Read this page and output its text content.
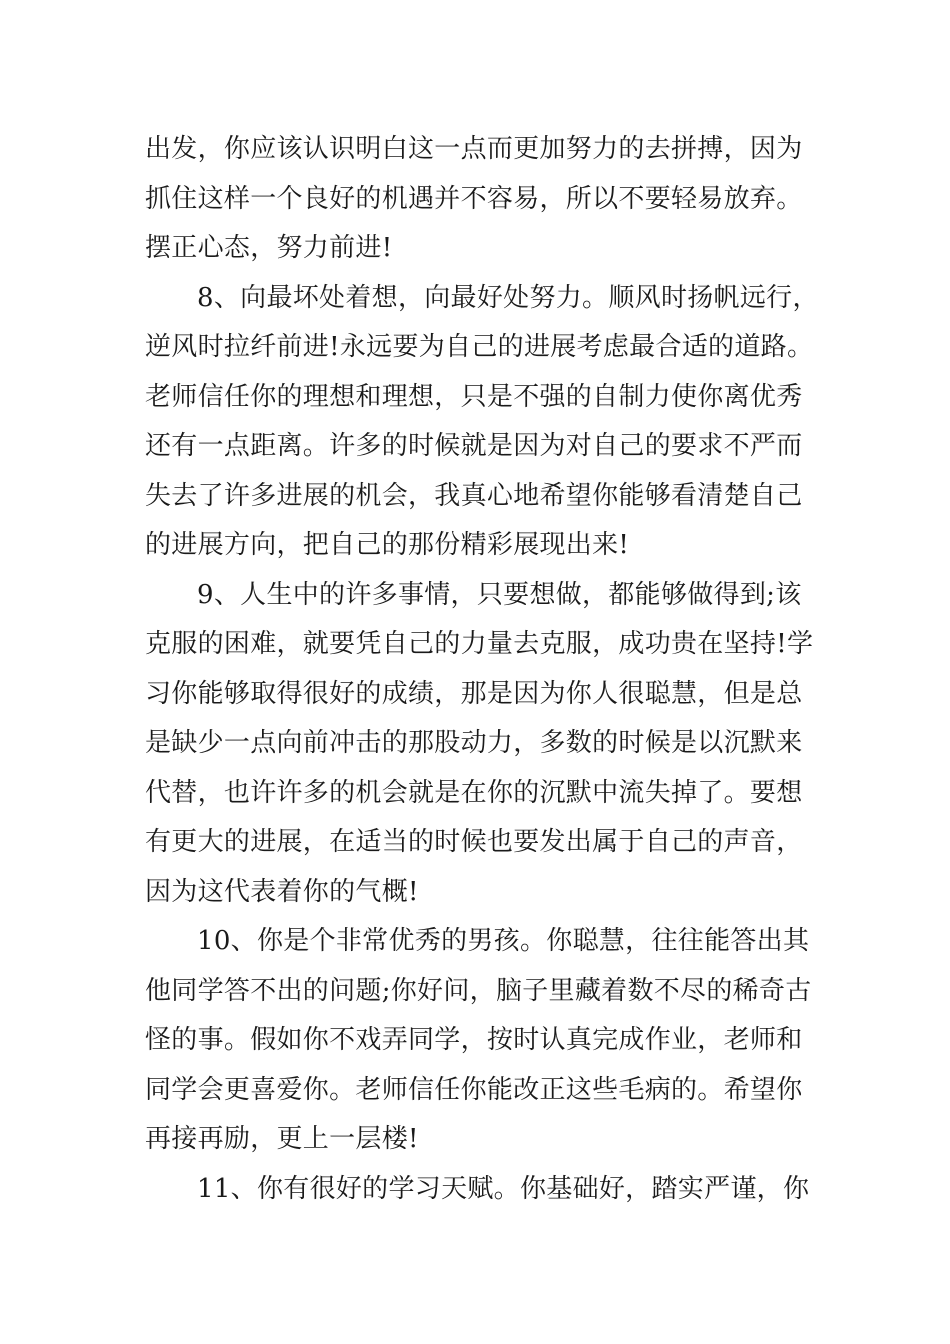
出发，你应该认识明白这一点而更加努力的去拼搏，因为
抓住这样一个良好的机遇并不容易，所以不要轻易放弃。
摆正心态，努力前进!
8、向最坏处着想，向最好处努力。顺风时扬帆远行，
逆风时拉纤前进!永远要为自己的进展考虑最合适的道路。
老师信任你的理想和理想，只是不强的自制力使你离优秀
还有一点距离。许多的时候就是因为对自己的要求不严而
失去了许多进展的机会，我真心地希望你能够看清楚自己
的进展方向，把自己的那份精彩展现出来!
9、人生中的许多事情，只要想做，都能够做得到;该
克服的困难，就要凭自己的力量去克服，成功贵在坚持!学
习你能够取得很好的成绩，那是因为你人很聪慧，但是总
是缺少一点向前冲击的那股动力，多数的时候是以沉默来
代替，也许许多的机会就是在你的沉默中流失掉了。要想
有更大的进展，在适当的时候也要发出属于自己的声音，
因为这代表着你的气概!
10、你是个非常优秀的男孩。你聪慧，往往能答出其
他同学答不出的问题;你好问，脑子里藏着数不尽的稀奇古
怪的事。假如你不戏弄同学，按时认真完成作业，老师和
同学会更喜爱你。老师信任你能改正这些毛病的。希望你
再接再励，更上一层楼!
11、你有很好的学习天赋。你基础好，踏实严谨，你
